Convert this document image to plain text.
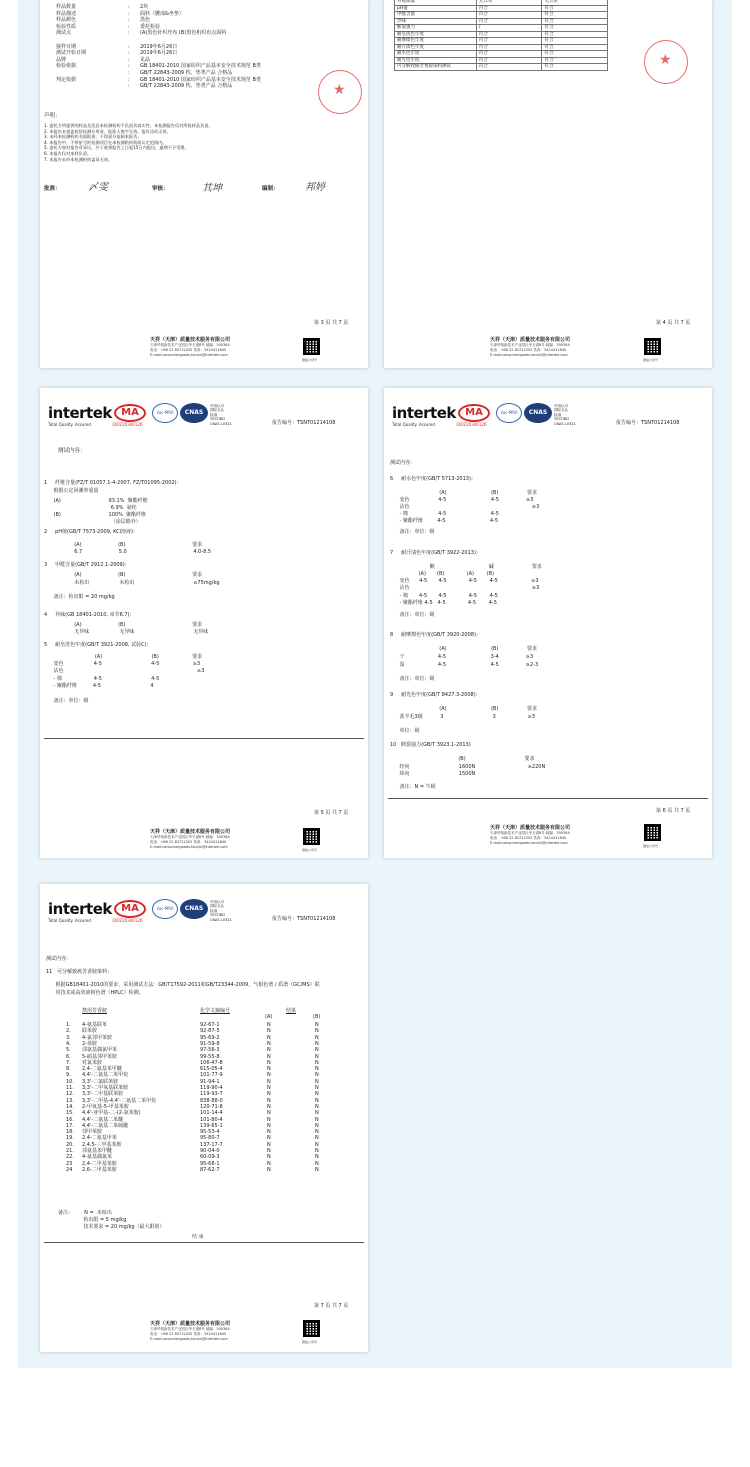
样品数量	: 2块
样品描述	: 面料（腰部&坐垫）
样品颜色	: 黑色
检验性质	: 委托检验
测试点	: (A)黑色针织坯布 (B)黑色机织布点面料
接样日期	: 2019年6月26日
测试开始日期	: 2019年6月26日
品牌	: 见品
检验依据	: GB 18401-2010 国家纺织产品基本安全技术规范 B类
: GB/T 22843-2009 枕、垫类产品 合格品
判定依据	: GB 18401-2010 国家纺织产品基本安全技术规范 B类
: GB/T 22843-2009 枕、垫类产品 合格品	★
声明：
1. 委托方所提供的样品及信息本检测机构不负责其真实性，本检测报告仅对所检样品负责。
2. 本报告未加盖检验检测专用章、批准人签字无效。报告涂改无效。
3. 未经本检测机构书面批准，不得部分复制本报告。
4. 本报告中，不带星号的检测项目在本检测机构资质认定范围内。
5. 委托方如对报告有异议，应于收到报告之日起15日内提出，逾期不予受理。
6. 本报告仅对来样负责。
7. 本报告未经本检测机构盖章无效。
批准：	〆雯	审核：	其坤	编制：	邦婷
第 3 页 共 7 页
天祥（天津）质量技术服务有限公司
天津华苑新技术产业园区华天道8号 邮编：300384
电话：+86 22 83712202 传真：3424411640
E-mail:consumergoods.tianjin@intertek.com
微信公众号
外观质量	无异常	无异常
pH值	符合	符合
甲醛含量	符合	符合
异味	符合	符合
断裂强力	/	符合
耐皂洗色牢度	符合	符合
耐摩擦色牢度	符合	符合
耐汗渍色牢度	符合	符合
耐水色牢度	符合	符合
耐光色牢度	符合	符合
可分解致癌芳香胺染料测试	符合	符合	★
第 4 页 共 7 页
天祥（天津）质量技术服务有限公司
天津华苑新技术产业园区华天道8号 邮编：300384
电话：+86 22 83712202 传真：3424411640
E-mail:consumergoods.tianjin@intertek.com
微信公众号
intertek
Total Quality. Assured.
MA
160220340126
ilac-MRA	CNAS
中国认可
国际互认
检测
TESTING
CNAS L0321	报告编号：TSNT01214108
测试内容：
1     纤维含量(FZ/T 01057.1-4-2007, FZ/T01095-2002)：
根据公定回潮率重量
(A)                              93.1%  聚酯纤维
6.9%  氨纶
(B)                              100%  聚酯纤维
（涂层除外）
2     pH值(GB/T 7573-2009, KCl溶液)：
(A)                       (B)                                          要求
6.7                       5.0                                          4.0-8.5
3     甲醛含量(GB/T 2912.1-2009)：
(A)                       (B)                                          要求
未检出                   未检出                                     ≤75mg/kg
备注：检出限 = 20 mg/kg
4     异味(GB 18401-2010, 章节6.7)：
(A)                       (B)                                          要求
无异味                   无异味                                     无异味
5     耐皂洗色牢度(GB/T 3921-2008, 试验C)：
(A)                               (B)                     要求
变色                   4-5                               4-5                     ≥3
沾色                                                                                    ≥3
- 棉                    4-5                               4-5
- 聚酯纤维          4-5                               4
备注：单位：级
第 5 页 共 7 页
天祥（天津）质量技术服务有限公司
天津华苑新技术产业园区华天道8号 邮编：300384
电话：+86 22 83712202 传真：3424411640
E-mail:consumergoods.tianjin@intertek.com
微信公众号
intertek
Total Quality. Assured.
MA
160220340126
ilac-MRA	CNAS
中国认可
国际互认
检测
TESTING
CNAS L0321	报告编号：TSNT01214108
测试内容：
6     耐水色牢度(GB/T 5713-2013)：
(A)                            (B)                  要求
变色                  4-5                            4-5                 ≥3
沾色                                                                             ≥3
- 棉                   4-5                            4-5
- 聚酯纤维         4-5                            4-5
备注：单位：级
7     耐汗渍色牢度(GB/T 3922-2013)：
酸                                  碱                        要求
(A)       (B)              (A)        (B)
变色      4-5       4-5              4-5        4-5                     ≥3
沾色                                                                             ≥3
- 棉       4-5       4-5              4-5        4-5
- 聚酯纤维 4-5   4-5              4-5        4-5
备注：单位：级
8     耐摩擦色牢度(GB/T 3920-2008)：
(A)                            (B)                  要求
干                     4-5                            3-4                 ≥3
湿                     4-5                            4-5                 ≥2-3
备注：单位：级
9     耐光色牢度(GB/T 8427.3-2008)：
(A)                            (B)                  要求
蓝羊毛3级           3                               3                    ≥3
单位：级
10   断裂强力(GB/T 3923.1-2013)
(B)                                     要求
经向                               1600N                                 ≥220N
纬向                               1500N
备注：N = 牛顿
第 6 页 共 7 页
天祥（天津）质量技术服务有限公司
天津华苑新技术产业园区华天道8号 邮编：300384
电话：+86 22 83712202 传真：3424411640
E-mail:consumergoods.tianjin@intertek.com
微信公众号
intertek
Total Quality. Assured.
MA
160220340126
ilac-MRA	CNAS
中国认可
国际互认
检测
TESTING
CNAS L0321	报告编号：TSNT01214108
测试内容：
11   可分解致癌芳香胺染料：
根据GB18401-2010的要求，采用测试方法：GB/T17592-2011和GB/T23344-2009，气相色谱 / 质谱（GC/MS）联
用技术或高效液相色谱（HPLC）检测。
禁用芳香胺	化学文摘编号	结果
(A)	(B)
1. 4-氨基联苯	92-67-1	N	N
2. 联苯胺	92-87-5	N	N
3. 4-氯邻甲苯胺	95-69-2	N	N
4. 2-萘胺	91-59-8	N	N
5. 邻氨基偶氮甲苯	97-56-3	N	N
6. 5-硝基邻甲苯胺	99-55-8	N	N
7. 对氯苯胺	106-47-8	N	N
8. 2,4-二氨基苯甲醚	615-05-4	N	N
9. 4,4'-二氨基二苯甲烷	101-77-9	N	N
10. 3,3'-二氯联苯胺	91-94-1	N	N
11. 3,3'-二甲氧基联苯胺	119-90-4	N	N
12. 3,3'-二甲基联苯胺	119-93-7	N	N
13. 3,3'-二甲基-4,4'-二氨基二苯甲烷	838-88-0	N	N
14. 2-甲氧基-5-甲基苯胺	120-71-8	N	N
15. 4,4'-亚甲基-二-(2-氯苯胺)	101-14-4	N	N
16. 4,4'-二氨基二苯醚	101-80-4	N	N
17. 4,4'-二氨基二苯硫醚	139-65-1	N	N
18. 邻甲苯胺	95-53-4	N	N
19. 2,4-二氨基甲苯	95-80-7	N	N
20. 2,4,5-三甲基苯胺	137-17-7	N	N
21. 邻氨基苯甲醚	90-04-0	N	N
22. 4-氨基偶氮苯	60-09-3	N	N
23 2,4-二甲基苯胺	95-68-1	N	N
24 2,6-二甲基苯胺	87-62-7	N	N
备注：       N =  未检出
检出限 = 5 mg/kg
技术要求 = 20 mg/kg（最大限值）
结 束
第 7 页 共 7 页
天祥（天津）质量技术服务有限公司
天津华苑新技术产业园区华天道8号 邮编：300384
电话：+86 22 83712202 传真：3424411640
E-mail:consumergoods.tianjin@intertek.com
微信公众号
